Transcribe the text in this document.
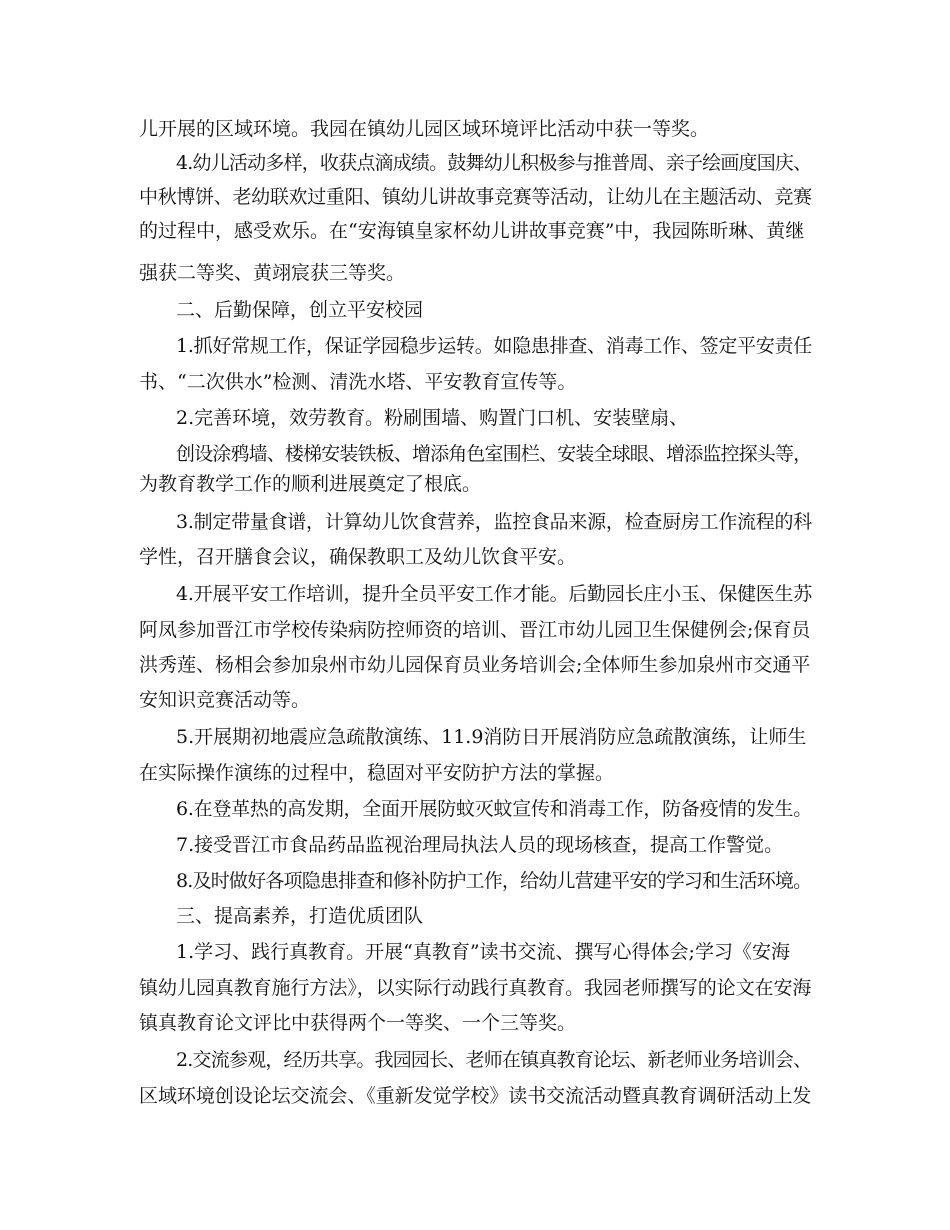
儿开展的区域环境。我园在镇幼儿园区域环境评比活动中获一等奖。
4.幼儿活动多样，收获点滴成绩。鼓舞幼儿积极参与推普周、亲子绘画度国庆、
中秋博饼、老幼联欢过重阳、镇幼儿讲故事竞赛等活动，让幼儿在主题活动、竞赛
的过程中，感受欢乐。在“安海镇皇家杯幼儿讲故事竞赛”中，我园陈昕琳、黄继
强获二等奖、黄翊宸获三等奖。
二、后勤保障，创立平安校园
1.抓好常规工作，保证学园稳步运转。如隐患排查、消毒工作、签定平安责任
书、“二次供水”检测、清洗水塔、平安教育宣传等。
2.完善环境，效劳教育。粉刷围墙、购置门口机、安装壁扇、
创设涂鸦墙、楼梯安装铁板、增添角色室围栏、安装全球眼、增添监控探头等，
为教育教学工作的顺利进展奠定了根底。
3.制定带量食谱，计算幼儿饮食营养，监控食品来源，检查厨房工作流程的科
学性，召开膳食会议，确保教职工及幼儿饮食平安。
4.开展平安工作培训，提升全员平安工作才能。后勤园长庄小玉、保健医生苏
阿凤参加晋江市学校传染病防控师资的培训、晋江市幼儿园卫生保健例会;保育员
洪秀莲、杨相会参加泉州市幼儿园保育员业务培训会;全体师生参加泉州市交通平
安知识竞赛活动等。
5.开展期初地震应急疏散演练、11.9消防日开展消防应急疏散演练，让师生
在实际操作演练的过程中，稳固对平安防护方法的掌握。
6.在登革热的高发期，全面开展防蚊灭蚊宣传和消毒工作，防备疫情的发生。
7.接受晋江市食品药品监视治理局执法人员的现场核查，提高工作警觉。
8.及时做好各项隐患排查和修补防护工作，给幼儿营建平安的学习和生活环境。
三、提高素养，打造优质团队
1.学习、践行真教育。开展“真教育”读书交流、撰写心得体会;学习《安海
镇幼儿园真教育施行方法》，以实际行动践行真教育。我园老师撰写的论文在安海
镇真教育论文评比中获得两个一等奖、一个三等奖。
2.交流参观，经历共享。我园园长、老师在镇真教育论坛、新老师业务培训会、
区域环境创设论坛交流会、《重新发觉学校》读书交流活动暨真教育调研活动上发
